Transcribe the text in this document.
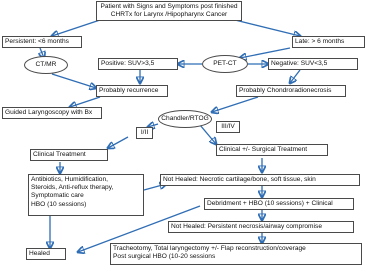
Patient with Signs and Symptoms post finished
CHRTx for Larynx /Hipopharynx Cancer
Persistent: <6 months	Late: > 6 months
CT/MR	PET-CT
Positive: SUV>3,5	Negative: SUV<3,5
Probably recurrence	Probably Chondroradionecrosis
Guided Laryngoscopy with Bx
Chandler/RTOG
I/II
III/IV
Clinical Treatment
Clinical +/- Surgical Treatment
Antibiotics, Humidification,
Steroids, Anti-reflux therapy,
Symptomatic care
HBO (10 sessions)
Not Healed: Necrotic cartilage/bone, soft tissue, skin
Debridment + HBO (10 sessions) + Clinical
Not Healed: Persistent necrosis/airway compromise
Healed
Tracheotomy, Total laryngectomy +/- Flap reconstruction/coverage
Post surgical HBO (10-20 sessions
